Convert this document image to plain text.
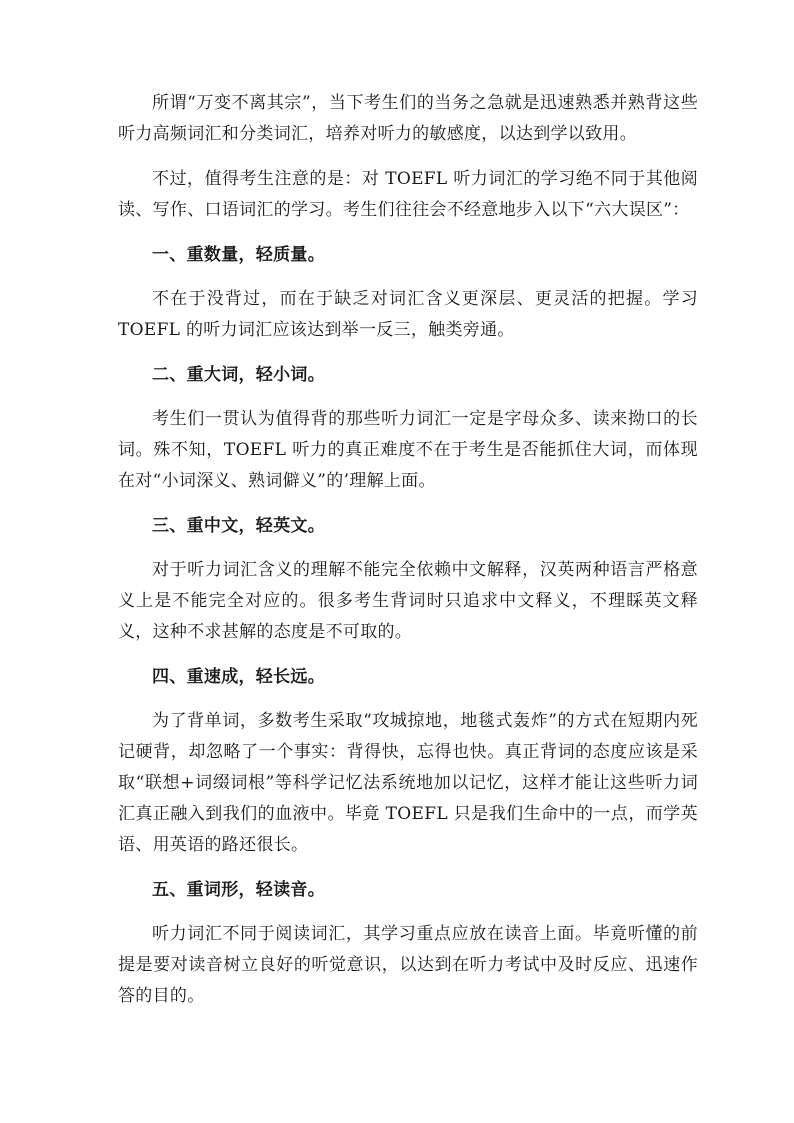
所谓“万变不离其宗”，当下考生们的当务之急就是迅速熟悉并熟背这些听力高频词汇和分类词汇，培养对听力的敏感度，以达到学以致用。

不过，值得考生注意的是：对 TOEFL 听力词汇的学习绝不同于其他阅读、写作、口语词汇的学习。考生们往往会不经意地步入以下“六大误区”：

一、重数量，轻质量。

不在于没背过，而在于缺乏对词汇含义更深层、更灵活的把握。学习 TOEFL 的听力词汇应该达到举一反三，触类旁通。

二、重大词，轻小词。

考生们一贯认为值得背的那些听力词汇一定是字母众多、读来拗口的长词。殊不知，TOEFL 听力的真正难度不在于考生是否能抓住大词，而体现在对“小词深义、熟词僻义”的’理解上面。

三、重中文，轻英文。

对于听力词汇含义的理解不能完全依赖中文解释，汉英两种语言严格意义上是不能完全对应的。很多考生背词时只追求中文释义，不理睬英文释义，这种不求甚解的态度是不可取的。

四、重速成，轻长远。

为了背单词，多数考生采取“攻城掠地，地毯式轰炸”的方式在短期内死记硬背，却忽略了一个事实：背得快，忘得也快。真正背词的态度应该是采取“联想+词缀词根”等科学记忆法系统地加以记忆，这样才能让这些听力词汇真正融入到我们的血液中。毕竟 TOEFL 只是我们生命中的一点，而学英语、用英语的路还很长。

五、重词形，轻读音。

听力词汇不同于阅读词汇，其学习重点应放在读音上面。毕竟听懂的前提是要对读音树立良好的听觉意识，以达到在听力考试中及时反应、迅速作答的目的。
